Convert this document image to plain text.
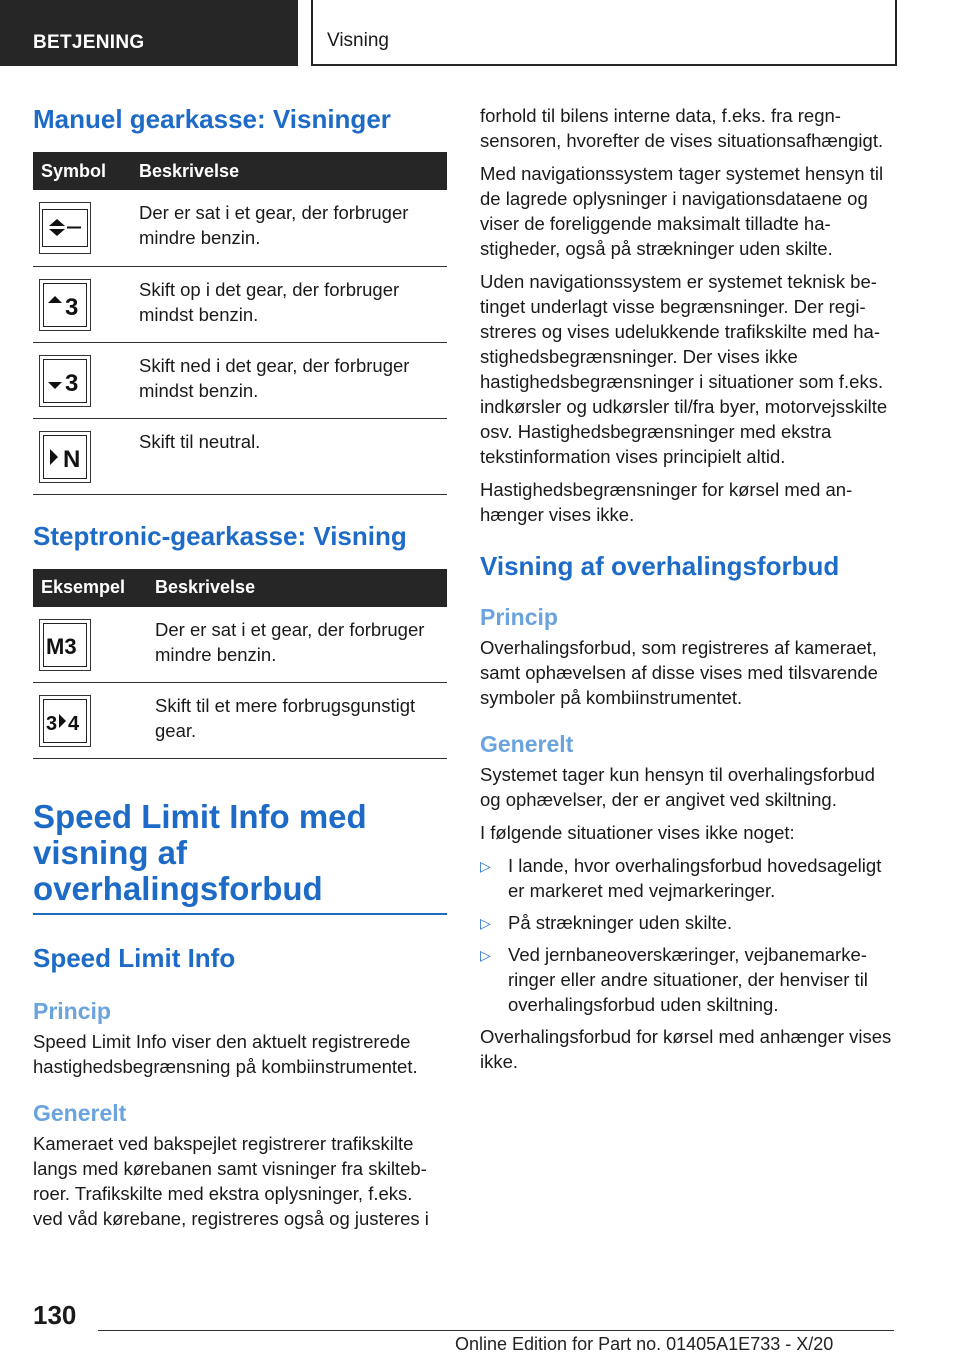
BETJENING	Visning
Manuel gearkasse: Visninger
Symbol	Beskrivelse

	Der er sat i et gear, der forbruger mindre benzin.

3	Skift op i det gear, der forbruger mindst benzin.

3	Skift ned i det gear, der forbruger mindst benzin.

N	Skift til neutral.
Steptronic-gearkasse: Visning
Eksempel	Beskrivelse

M3	Der er sat i et gear, der forbruger mindre benzin.

3 4	Skift til et mere forbrugsgunstigt gear.
Speed Limit Info med
visning af
overhalingsforbud
Speed Limit Info
Princip

Speed Limit Info viser den aktuelt registrerede hastighedsbegrænsning på kombiinstrumentet.

Generelt

Kameraet ved bakspejlet registrerer trafikskilte langs med kørebanen samt visninger fra skiltebroer. Trafikskilte med ekstra oplysninger, f.eks. ved våd kørebane, registreres også og justeres i

forhold til bilens interne data, f.eks. fra regnsensoren, hvorefter de vises situationsafhængigt.

Med navigationssystem tager systemet hensyn til de lagrede oplysninger i navigationsdataene og viser de foreliggende maksimalt tilladte hastigheder, også på strækninger uden skilte.

Uden navigationssystem er systemet teknisk betinget underlagt visse begrænsninger. Der registreres og vises udelukkende trafikskilte med hastighedsbegrænsninger. Der vises ikke hastighedsbegrænsninger i situationer som f.eks. indkørsler og udkørsler til/fra byer, motorvejsskilte osv. Hastighedsbegrænsninger med ekstra tekstinformation vises principielt altid.

Hastighedsbegrænsninger for kørsel med anhænger vises ikke.

Visning af overhalingsforbud
Princip

Overhalingsforbud, som registreres af kameraet, samt ophævelsen af disse vises med tilsvarende symboler på kombiinstrumentet.

Generelt

Systemet tager kun hensyn til overhalingsforbud og ophævelser, der er angivet ved skiltning.

I følgende situationer vises ikke noget:

▷ I lande, hvor overhalingsforbud hovedsageligt er markeret med vejmarkeringer.
▷ På strækninger uden skilte.
▷ Ved jernbaneoverskæringer, vejbanemarkeringer eller andre situationer, der henviser til overhalingsforbud uden skiltning.

Overhalingsforbud for kørsel med anhænger vises ikke.

130
Online Edition for Part no. 01405A1E733 - X/20
